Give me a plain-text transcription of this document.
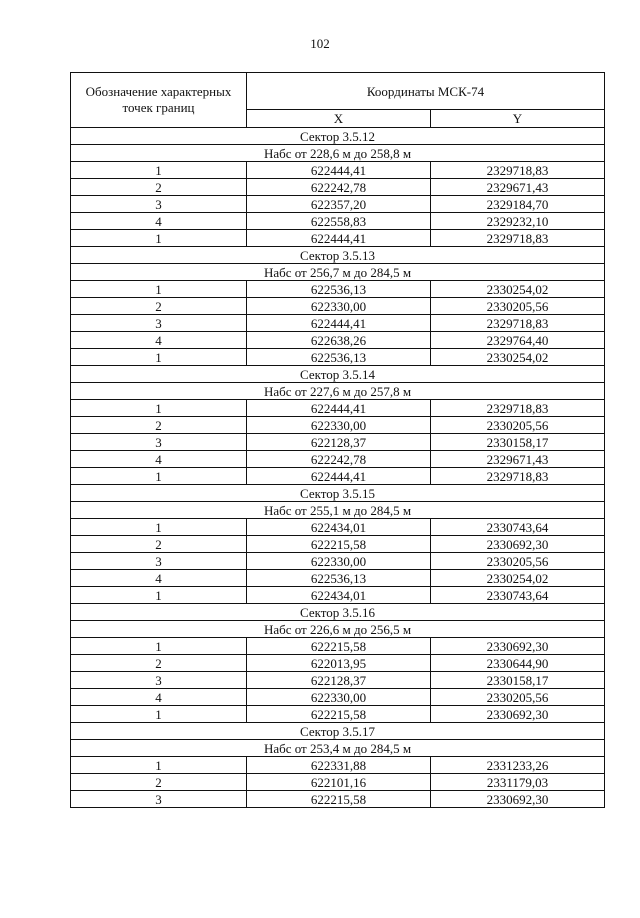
102
Обозначение характерных точек границ	Координаты МСК-74	
	X	Y
Сектор 3.5.12		
Набс от 228,6 м до 258,8 м		
1	622444,41	2329718,83
2	622242,78	2329671,43
3	622357,20	2329184,70
4	622558,83	2329232,10
1	622444,41	2329718,83
Сектор 3.5.13		
Набс от 256,7 м до 284,5 м		
1	622536,13	2330254,02
2	622330,00	2330205,56
3	622444,41	2329718,83
4	622638,26	2329764,40
1	622536,13	2330254,02
Сектор 3.5.14		
Набс от 227,6 м до 257,8 м		
1	622444,41	2329718,83
2	622330,00	2330205,56
3	622128,37	2330158,17
4	622242,78	2329671,43
1	622444,41	2329718,83
Сектор 3.5.15		
Набс от 255,1 м до 284,5 м		
1	622434,01	2330743,64
2	622215,58	2330692,30
3	622330,00	2330205,56
4	622536,13	2330254,02
1	622434,01	2330743,64
Сектор 3.5.16		
Набс от 226,6 м до 256,5 м		
1	622215,58	2330692,30
2	622013,95	2330644,90
3	622128,37	2330158,17
4	622330,00	2330205,56
1	622215,58	2330692,30
Сектор 3.5.17		
Набс от 253,4 м до 284,5 м		
1	622331,88	2331233,26
2	622101,16	2331179,03
3	622215,58	2330692,30
